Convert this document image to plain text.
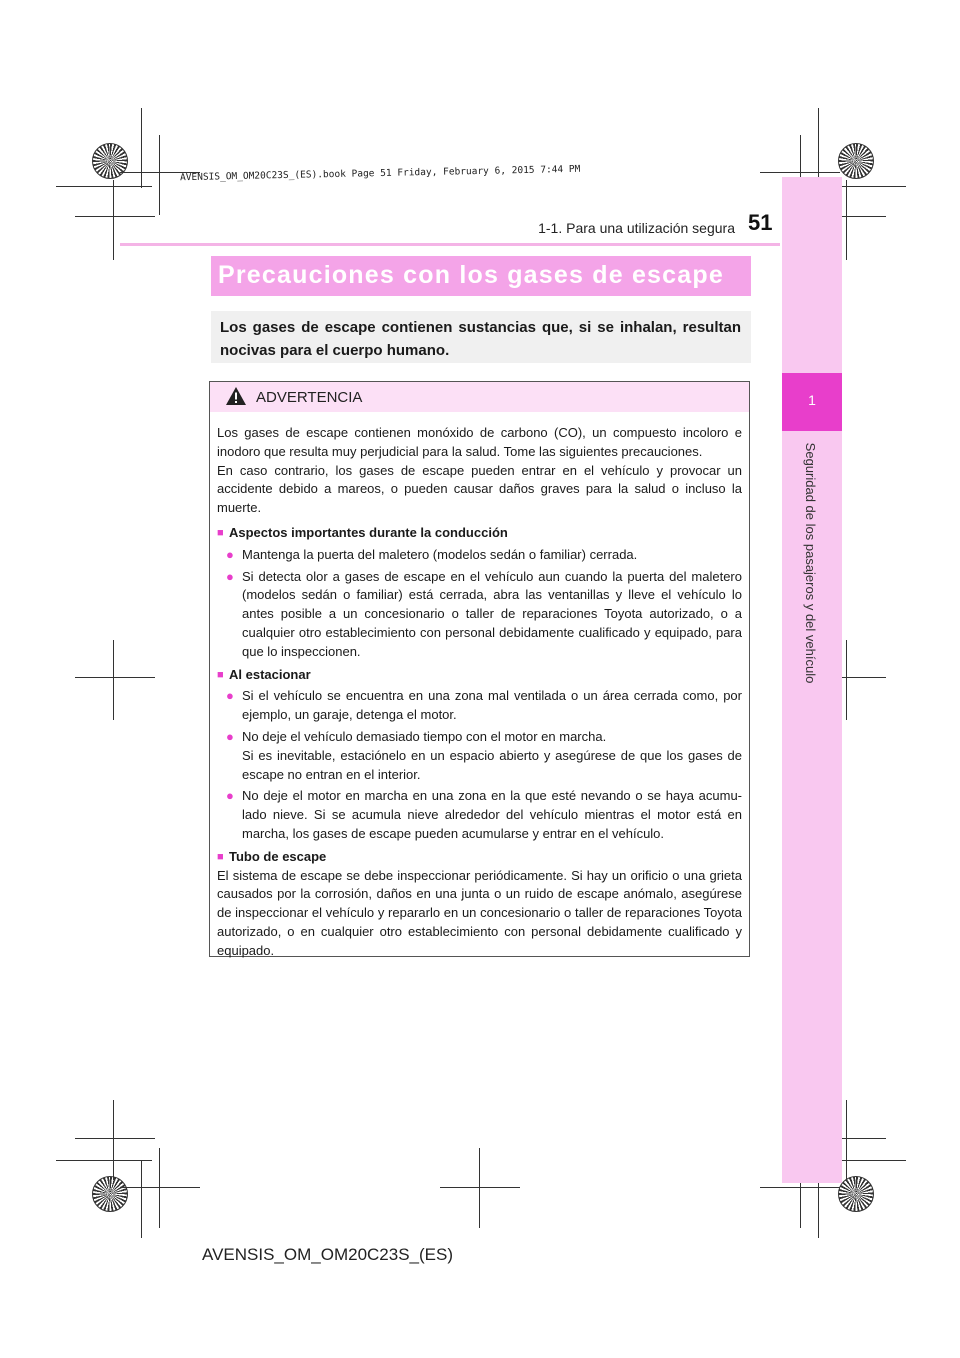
AVENSIS_OM_OM20C23S_(ES).book Page 51 Friday, February 6, 2015 7:44 PM
1
Seguridad de los pasajeros y del vehículo
1-1. Para una utilización segura 51
Precauciones con los gases de escape
Los gases de escape contienen sustancias que, si se inhalan, resultan nocivas para el cuerpo humano.
ADVERTENCIA

Los gases de escape contienen monóxido de carbono (CO), un compuesto incoloro e inodoro que resulta muy perjudicial para la salud. Tome las siguientes precauciones.

En caso contrario, los gases de escape pueden entrar en el vehículo y provocar un accidente debido a mareos, o pueden causar daños graves para la salud o incluso la muerte.

■ Aspectos importantes durante la conducción
● Mantenga la puerta del maletero (modelos sedán o familiar) cerrada.
● Si detecta olor a gases de escape en el vehículo aun cuando la puerta del maletero (modelos sedán o familiar) está cerrada, abra las ventanillas y lleve el vehículo lo antes posible a un concesionario o taller de reparaciones Toyota autorizado, o a cualquier otro establecimiento con personal debidamente cualificado y equipado, para que lo inspeccionen.
■ Al estacionar
● Si el vehículo se encuentra en una zona mal ventilada o un área cerrada como, por ejemplo, un garaje, detenga el motor.
● No deje el vehículo demasiado tiempo con el motor en marcha.
Si es inevitable, estaciónelo en un espacio abierto y asegúrese de que los gases de escape no entran en el interior.
● No deje el motor en marcha en una zona en la que esté nevando o se haya acumu- lado nieve. Si se acumula nieve alrededor del vehículo mientras el motor está en marcha, los gases de escape pueden acumularse y entrar en el vehículo.
■ Tubo de escape

El sistema de escape se debe inspeccionar periódicamente. Si hay un orificio o una grieta causados por la corrosión, daños en una junta o un ruido de escape anómalo, asegúrese de inspeccionar el vehículo y repararlo en un concesionario o taller de reparaciones Toyota autorizado, o en cualquier otro establecimiento con personal debidamente cualificado y equipado.

AVENSIS_OM_OM20C23S_(ES)
